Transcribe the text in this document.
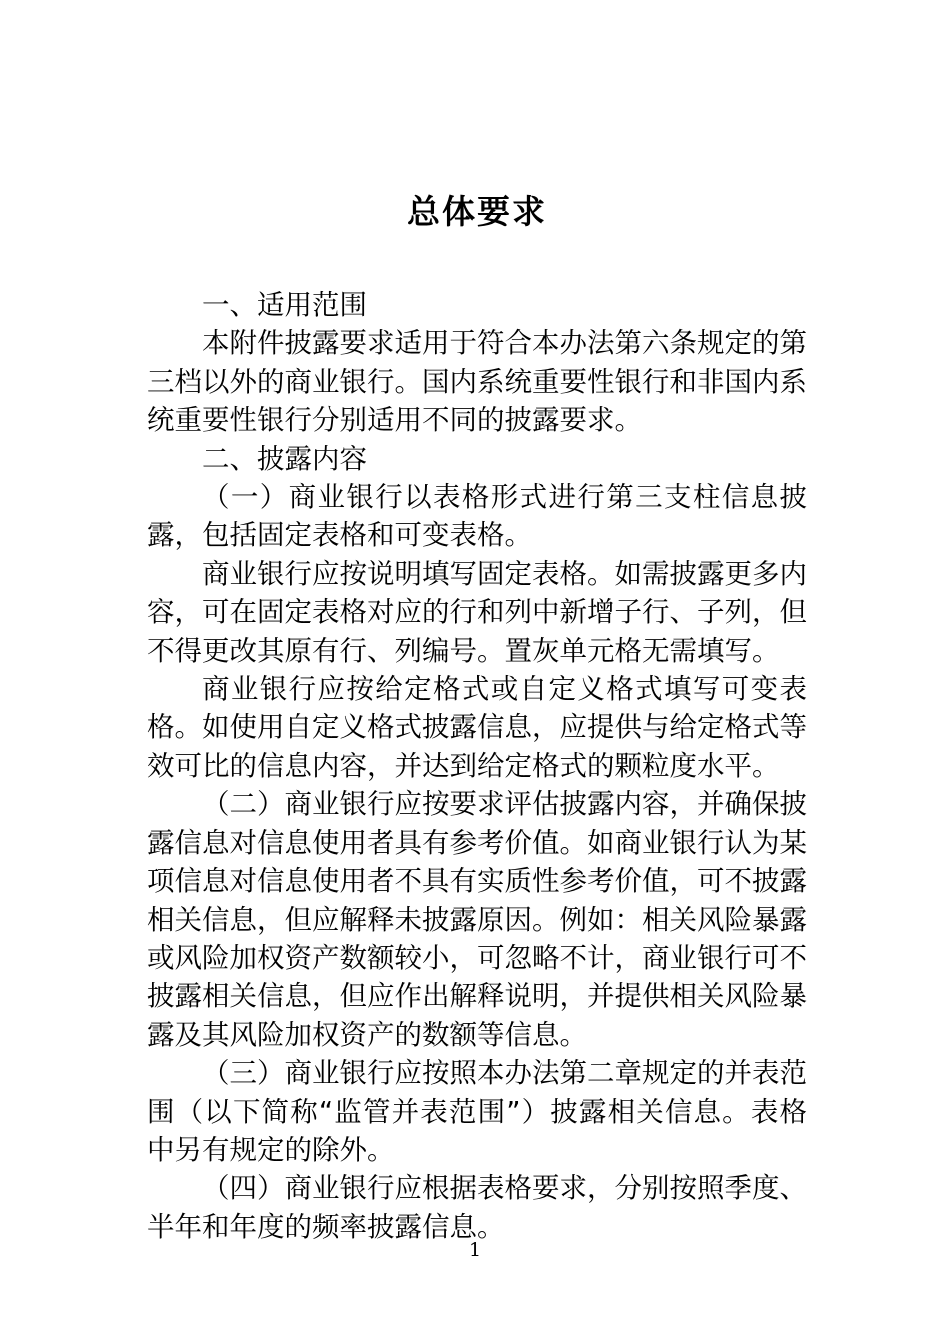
总体要求

一、适用范围

本附件披露要求适用于符合本办法第六条规定的第三档以外的商业银行。国内系统重要性银行和非国内系统重要性银行分别适用不同的披露要求。

二、披露内容

（一）商业银行以表格形式进行第三支柱信息披露，包括固定表格和可变表格。

商业银行应按说明填写固定表格。如需披露更多内容，可在固定表格对应的行和列中新增子行、子列，但不得更改其原有行、列编号。置灰单元格无需填写。

商业银行应按给定格式或自定义格式填写可变表格。如使用自定义格式披露信息，应提供与给定格式等效可比的信息内容，并达到给定格式的颗粒度水平。

（二）商业银行应按要求评估披露内容，并确保披露信息对信息使用者具有参考价值。如商业银行认为某项信息对信息使用者不具有实质性参考价值，可不披露相关信息，但应解释未披露原因。例如：相关风险暴露或风险加权资产数额较小，可忽略不计，商业银行可不披露相关信息，但应作出解释说明，并提供相关风险暴露及其风险加权资产的数额等信息。

（三）商业银行应按照本办法第二章规定的并表范围（以下简称“监管并表范围”）披露相关信息。表格中另有规定的除外。

（四）商业银行应根据表格要求，分别按照季度、半年和年度的频率披露信息。

1
